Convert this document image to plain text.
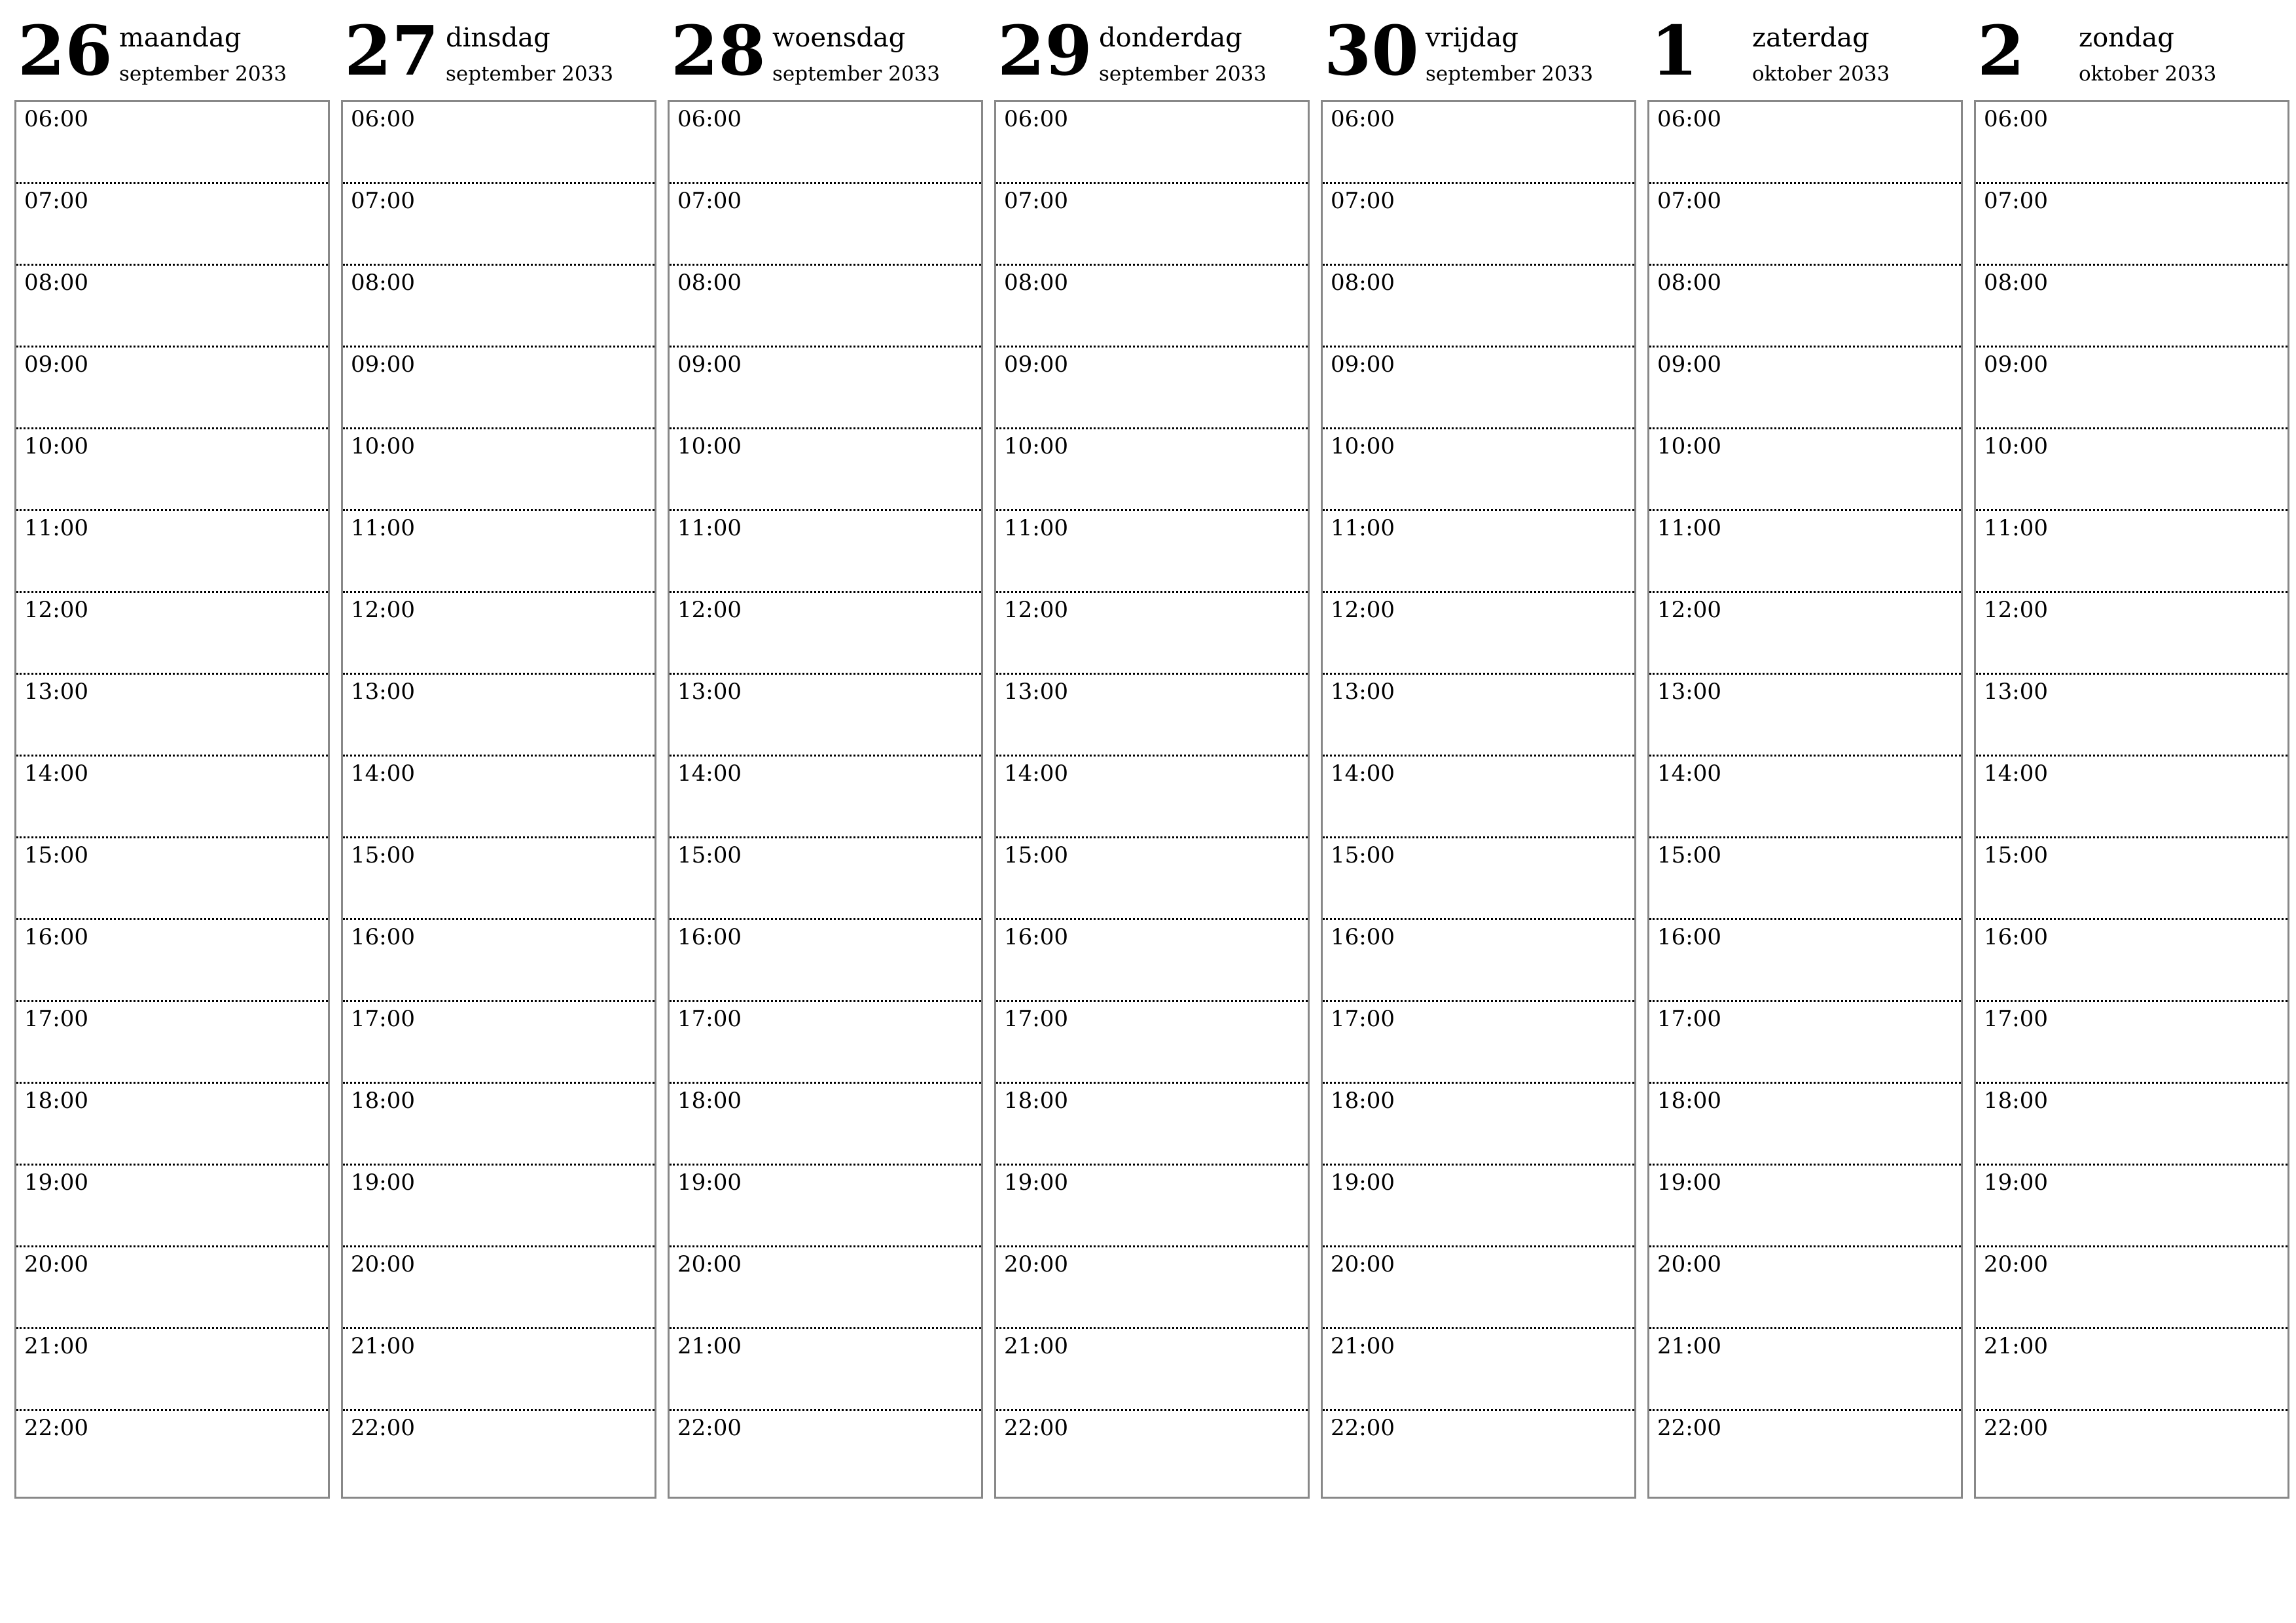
26 maandag
september 2033
06:00
07:00
08:00
09:00
10:00
11:00
12:00
13:00
14:00
15:00
16:00
17:00
18:00
19:00
20:00
21:00
22:00
27 dinsdag
september 2033
06:00
07:00
08:00
09:00
10:00
11:00
12:00
13:00
14:00
15:00
16:00
17:00
18:00
19:00
20:00
21:00
22:00
28 woensdag
september 2033
06:00
07:00
08:00
09:00
10:00
11:00
12:00
13:00
14:00
15:00
16:00
17:00
18:00
19:00
20:00
21:00
22:00
29 donderdag
september 2033
06:00
07:00
08:00
09:00
10:00
11:00
12:00
13:00
14:00
15:00
16:00
17:00
18:00
19:00
20:00
21:00
22:00
30 vrijdag
september 2033
06:00
07:00
08:00
09:00
10:00
11:00
12:00
13:00
14:00
15:00
16:00
17:00
18:00
19:00
20:00
21:00
22:00
1 zaterdag
oktober 2033
06:00
07:00
08:00
09:00
10:00
11:00
12:00
13:00
14:00
15:00
16:00
17:00
18:00
19:00
20:00
21:00
22:00
2 zondag
oktober 2033
06:00
07:00
08:00
09:00
10:00
11:00
12:00
13:00
14:00
15:00
16:00
17:00
18:00
19:00
20:00
21:00
22:00
